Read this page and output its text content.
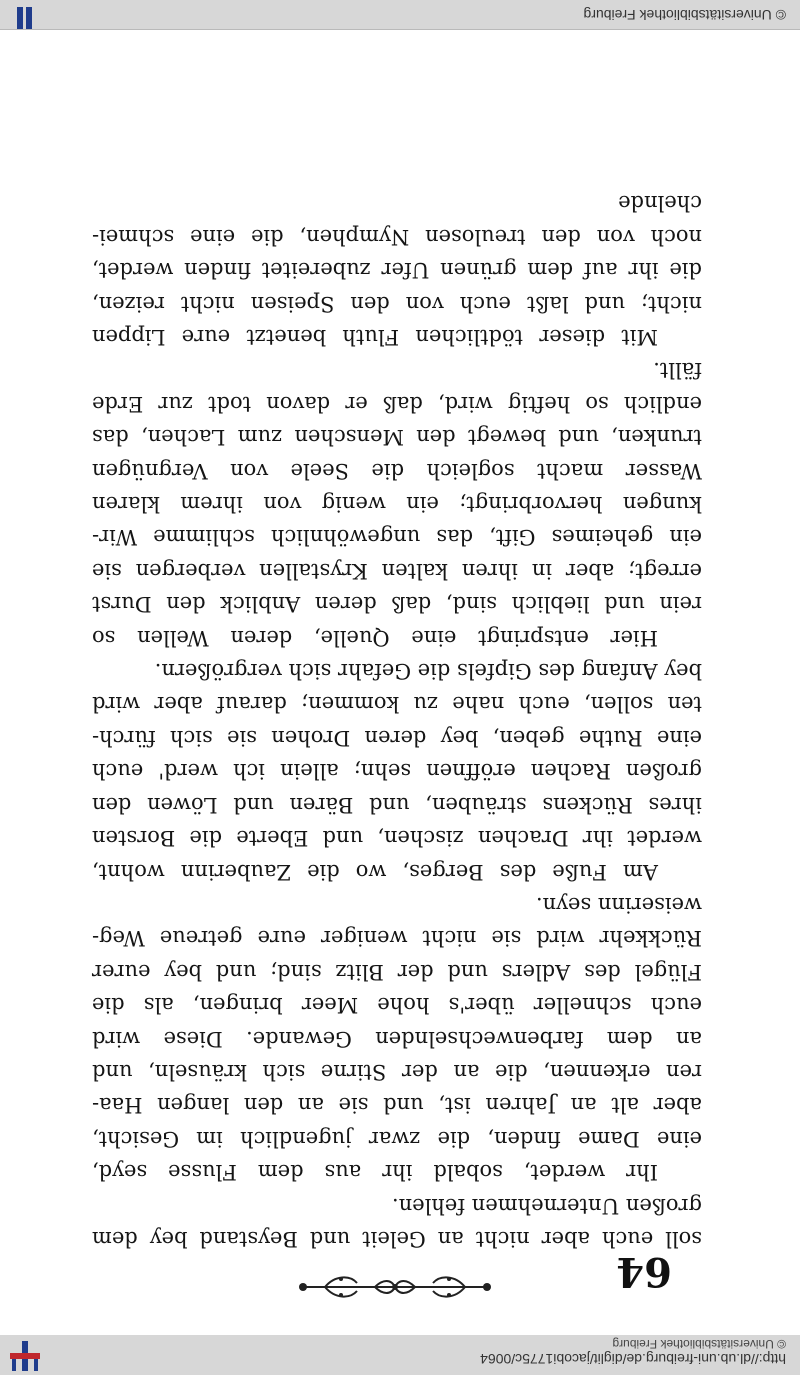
http://dl.ub.uni-freiburg.de/diglit/jacobi1775c/0064
64

soll euch aber nicht an Geleit und Beystand bey dem
großen Unternehmen fehlen.

Ihr werdet, sobald ihr aus dem Flusse seyd,

eine Dame finden, die zwar jugendlich im Gesicht,
aber alt an Jahren ist, und sie an den langen Haa-
ren erkennen, die an der Stirne sich kräuseln, und
an dem farbenwechselnden Gewande. Diese wird
euch schneller über's hohe Meer bringen, als die
Flügel des Adlers und der Blitz sind; und bey eurer
Rückkehr wird sie nicht weniger eure getreue Weg-
weiserinn seyn.

Am Fuße des Berges, wo die Zauberinn wohnt,

werdet ihr Drachen zischen, und Eberte die Borsten
ihres Rückens sträuben, und Bären und Löwen den
großen Rachen eröffnen sehn; allein ich werd' euch
eine Ruthe geben, bey deren Drohen sie sich fürch-
ten sollen, euch nahe zu kommen; darauf aber wird
bey Anfang des Gipfels die Gefahr sich vergrößern.

Hier entspringt eine Quelle, deren Wellen so

rein und lieblich sind, daß deren Anblick den Durst
erregt; aber in ihren kalten Krystallen verbergen sie
ein geheimes Gift, das ungewöhnlich schlimme Wir-
kungen hervorbringt; ein wenig von ihrem klaren
Wasser macht sogleich die Seele von Vergnügen
trunken, und bewegt den Menschen zum Lachen, das
endlich so heftig wird, daß er davon todt zur Erde
fällt.

Mit dieser tödtlichen Fluth benetzt eure Lippen

nicht; und laßt euch von den Speisen nicht reizen,
die ihr auf dem grünen Ufer zubereitet finden werdet,
noch von den treulosen Nymphen, die eine schmei-
chelnde

© Universitätsbibliothek Freiburg
© Universitätsbibliothek Freiburg
